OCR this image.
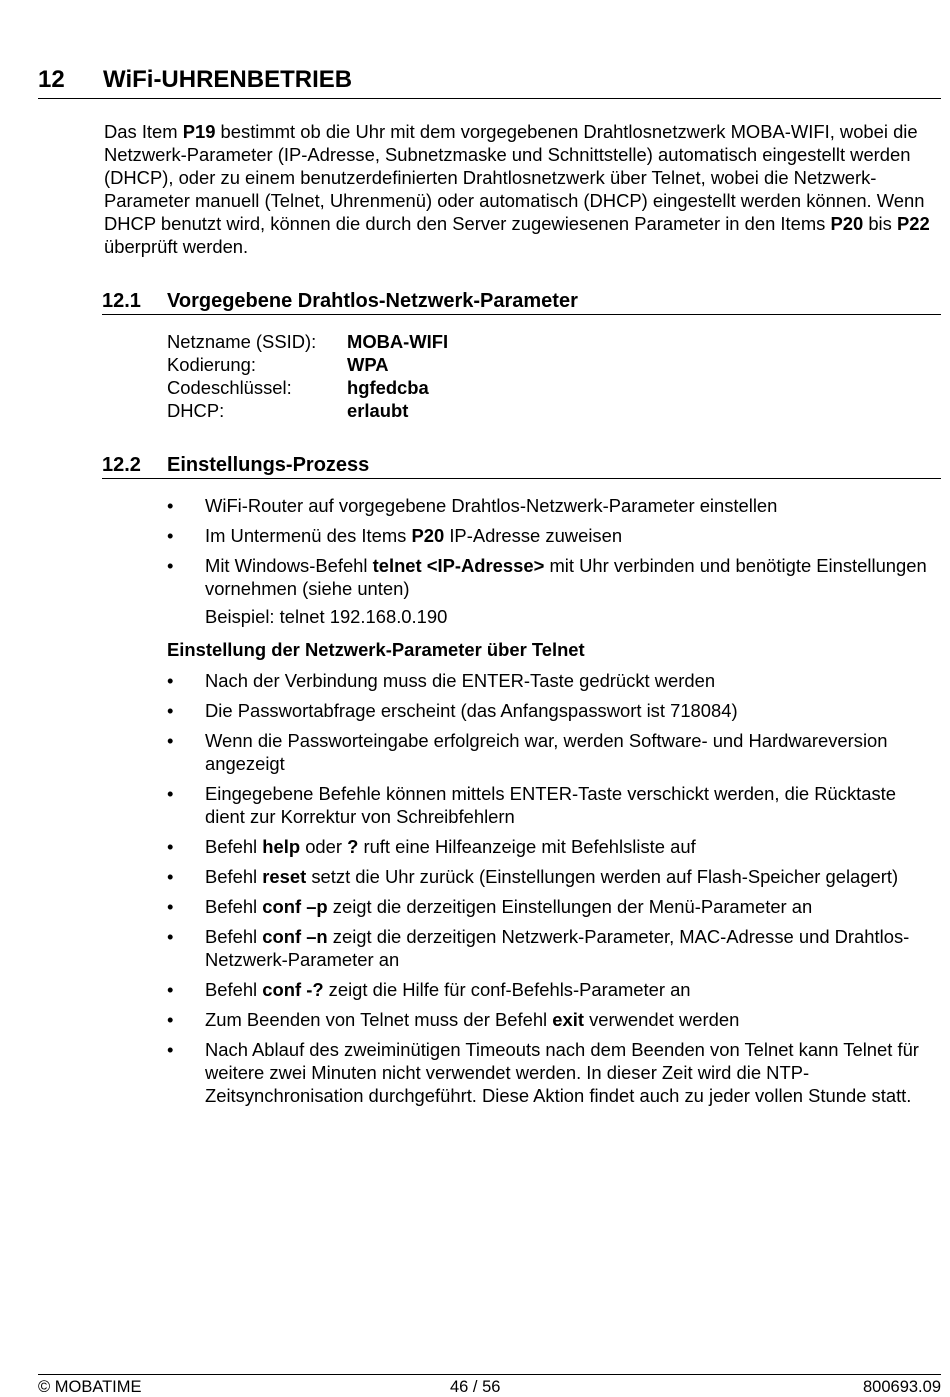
12 WiFi-UHRENBETRIEB
Das Item P19 bestimmt ob die Uhr mit dem vorgegebenen Drahtlosnetzwerk MOBA-WIFI, wobei die Netzwerk-Parameter (IP-Adresse, Subnetzmaske und Schnittstelle) automatisch eingestellt werden (DHCP), oder zu einem benutzerdefinierten Drahtlosnetzwerk über Telnet, wobei die Netzwerk-Parameter manuell (Telnet, Uhrenmenü) oder automatisch (DHCP) eingestellt werden können. Wenn DHCP benutzt wird, können die durch den Server zugewiesenen Parameter in den Items P20 bis P22 überprüft werden.
12.1 Vorgegebene Drahtlos-Netzwerk-Parameter
Netzname (SSID):	MOBA-WIFI
Kodierung:	WPA
Codeschlüssel:	hgfedcba
DHCP:	erlaubt
12.2 Einstellungs-Prozess
• WiFi-Router auf vorgegebene Drahtlos-Netzwerk-Parameter einstellen
• Im Untermenü des Items P20 IP-Adresse zuweisen
• Mit Windows-Befehl telnet <IP-Adresse> mit Uhr verbinden und benötigte Einstellungen vornehmen (siehe unten)
Beispiel: telnet 192.168.0.190
Einstellung der Netzwerk-Parameter über Telnet
• Nach der Verbindung muss die ENTER-Taste gedrückt werden
• Die Passwortabfrage erscheint (das Anfangspasswort ist 718084)
• Wenn die Passworteingabe erfolgreich war, werden Software- und Hardwareversion angezeigt
• Eingegebene Befehle können mittels ENTER-Taste verschickt werden, die Rücktaste dient zur Korrektur von Schreibfehlern
• Befehl help oder ? ruft eine Hilfeanzeige mit Befehlsliste auf
• Befehl reset setzt die Uhr zurück (Einstellungen werden auf Flash-Speicher gelagert)
• Befehl conf –p zeigt die derzeitigen Einstellungen der Menü-Parameter an
• Befehl conf –n zeigt die derzeitigen Netzwerk-Parameter, MAC-Adresse und Drahtlos-Netzwerk-Parameter an
• Befehl conf -? zeigt die Hilfe für conf-Befehls-Parameter an
• Zum Beenden von Telnet muss der Befehl exit verwendet werden
• Nach Ablauf des zweiminütigen Timeouts nach dem Beenden von Telnet kann Telnet für weitere zwei Minuten nicht verwendet werden. In dieser Zeit wird die NTP-Zeitsynchronisation durchgeführt. Diese Aktion findet auch zu jeder vollen Stunde statt.
© MOBATIME	46 / 56	800693.09
